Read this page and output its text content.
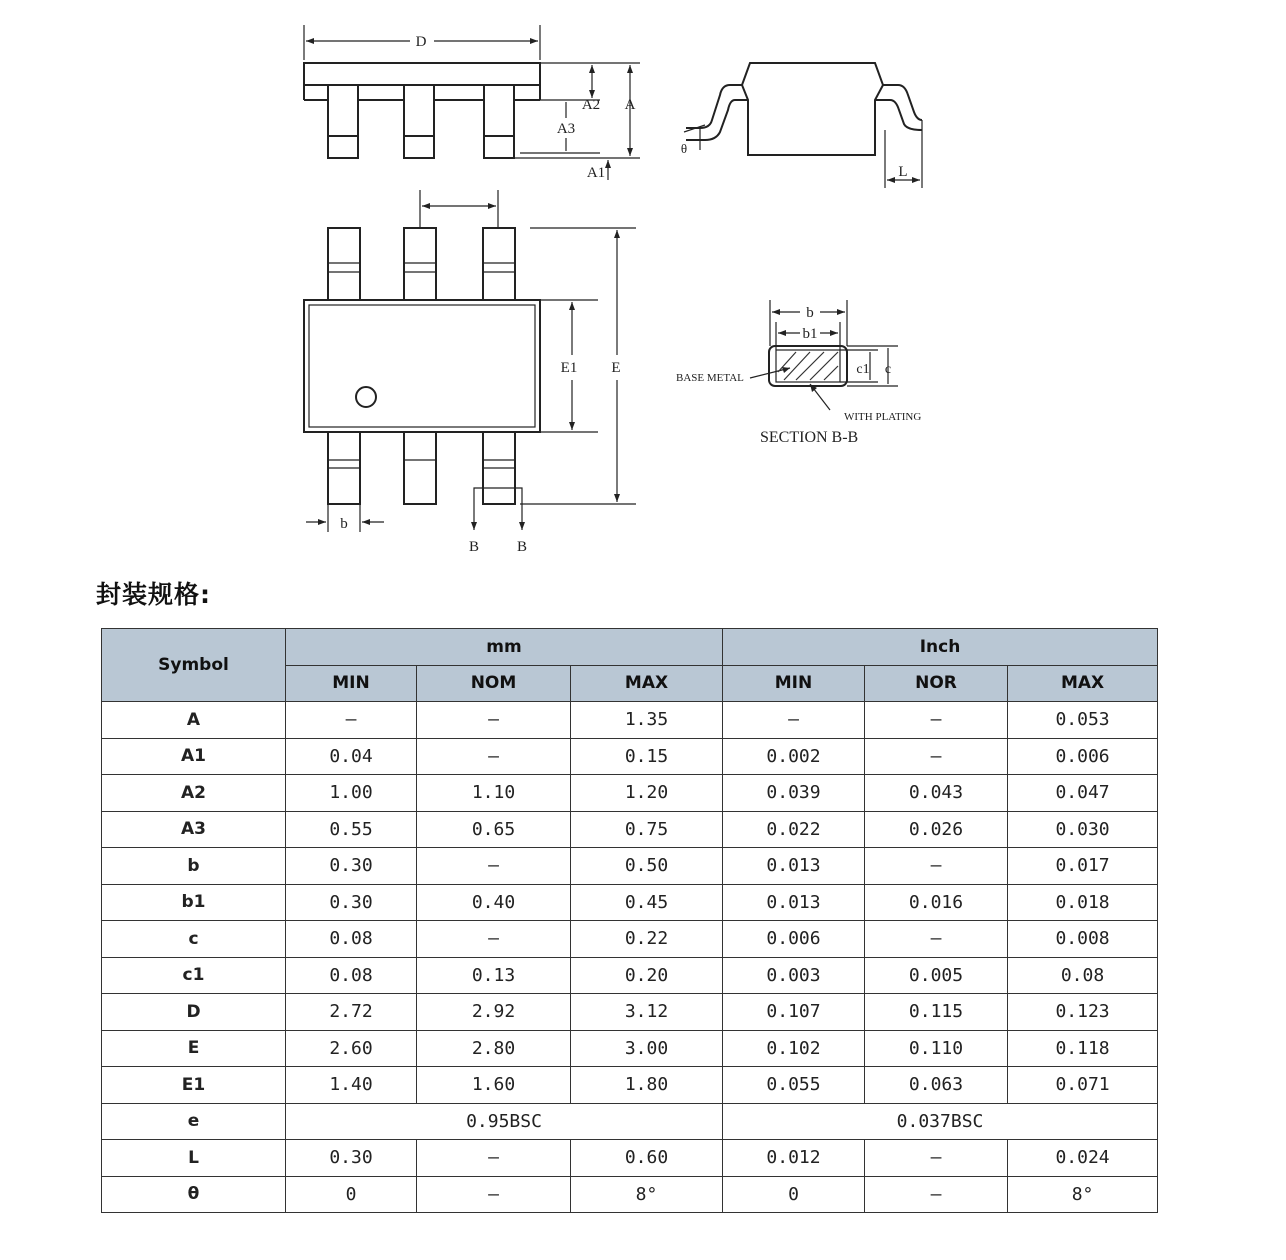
D
A2 A
A3
A1
θ
L
E1 E
b
B	B
b
b1
c1 c
BASE METAL
WITH PLATING
SECTION B-B
封装规格:
Symbol	mm			Inch		
	MIN	NOM	MAX	MIN	NOR	MAX
A	—	—	1.35	—	—	0.053
A1	0.04	—	0.15	0.002	—	0.006
A2	1.00	1.10	1.20	0.039	0.043	0.047
A3	0.55	0.65	0.75	0.022	0.026	0.030
b	0.30	—	0.50	0.013	—	0.017
b1	0.30	0.40	0.45	0.013	0.016	0.018
c	0.08	—	0.22	0.006	—	0.008
c1	0.08	0.13	0.20	0.003	0.005	0.08
D	2.72	2.92	3.12	0.107	0.115	0.123
E	2.60	2.80	3.00	0.102	0.110	0.118
E1	1.40	1.60	1.80	0.055	0.063	0.071
e	0.95BSC			0.037BSC		
L	0.30	—	0.60	0.012	—	0.024
θ	0	—	8°	0	—	8°
